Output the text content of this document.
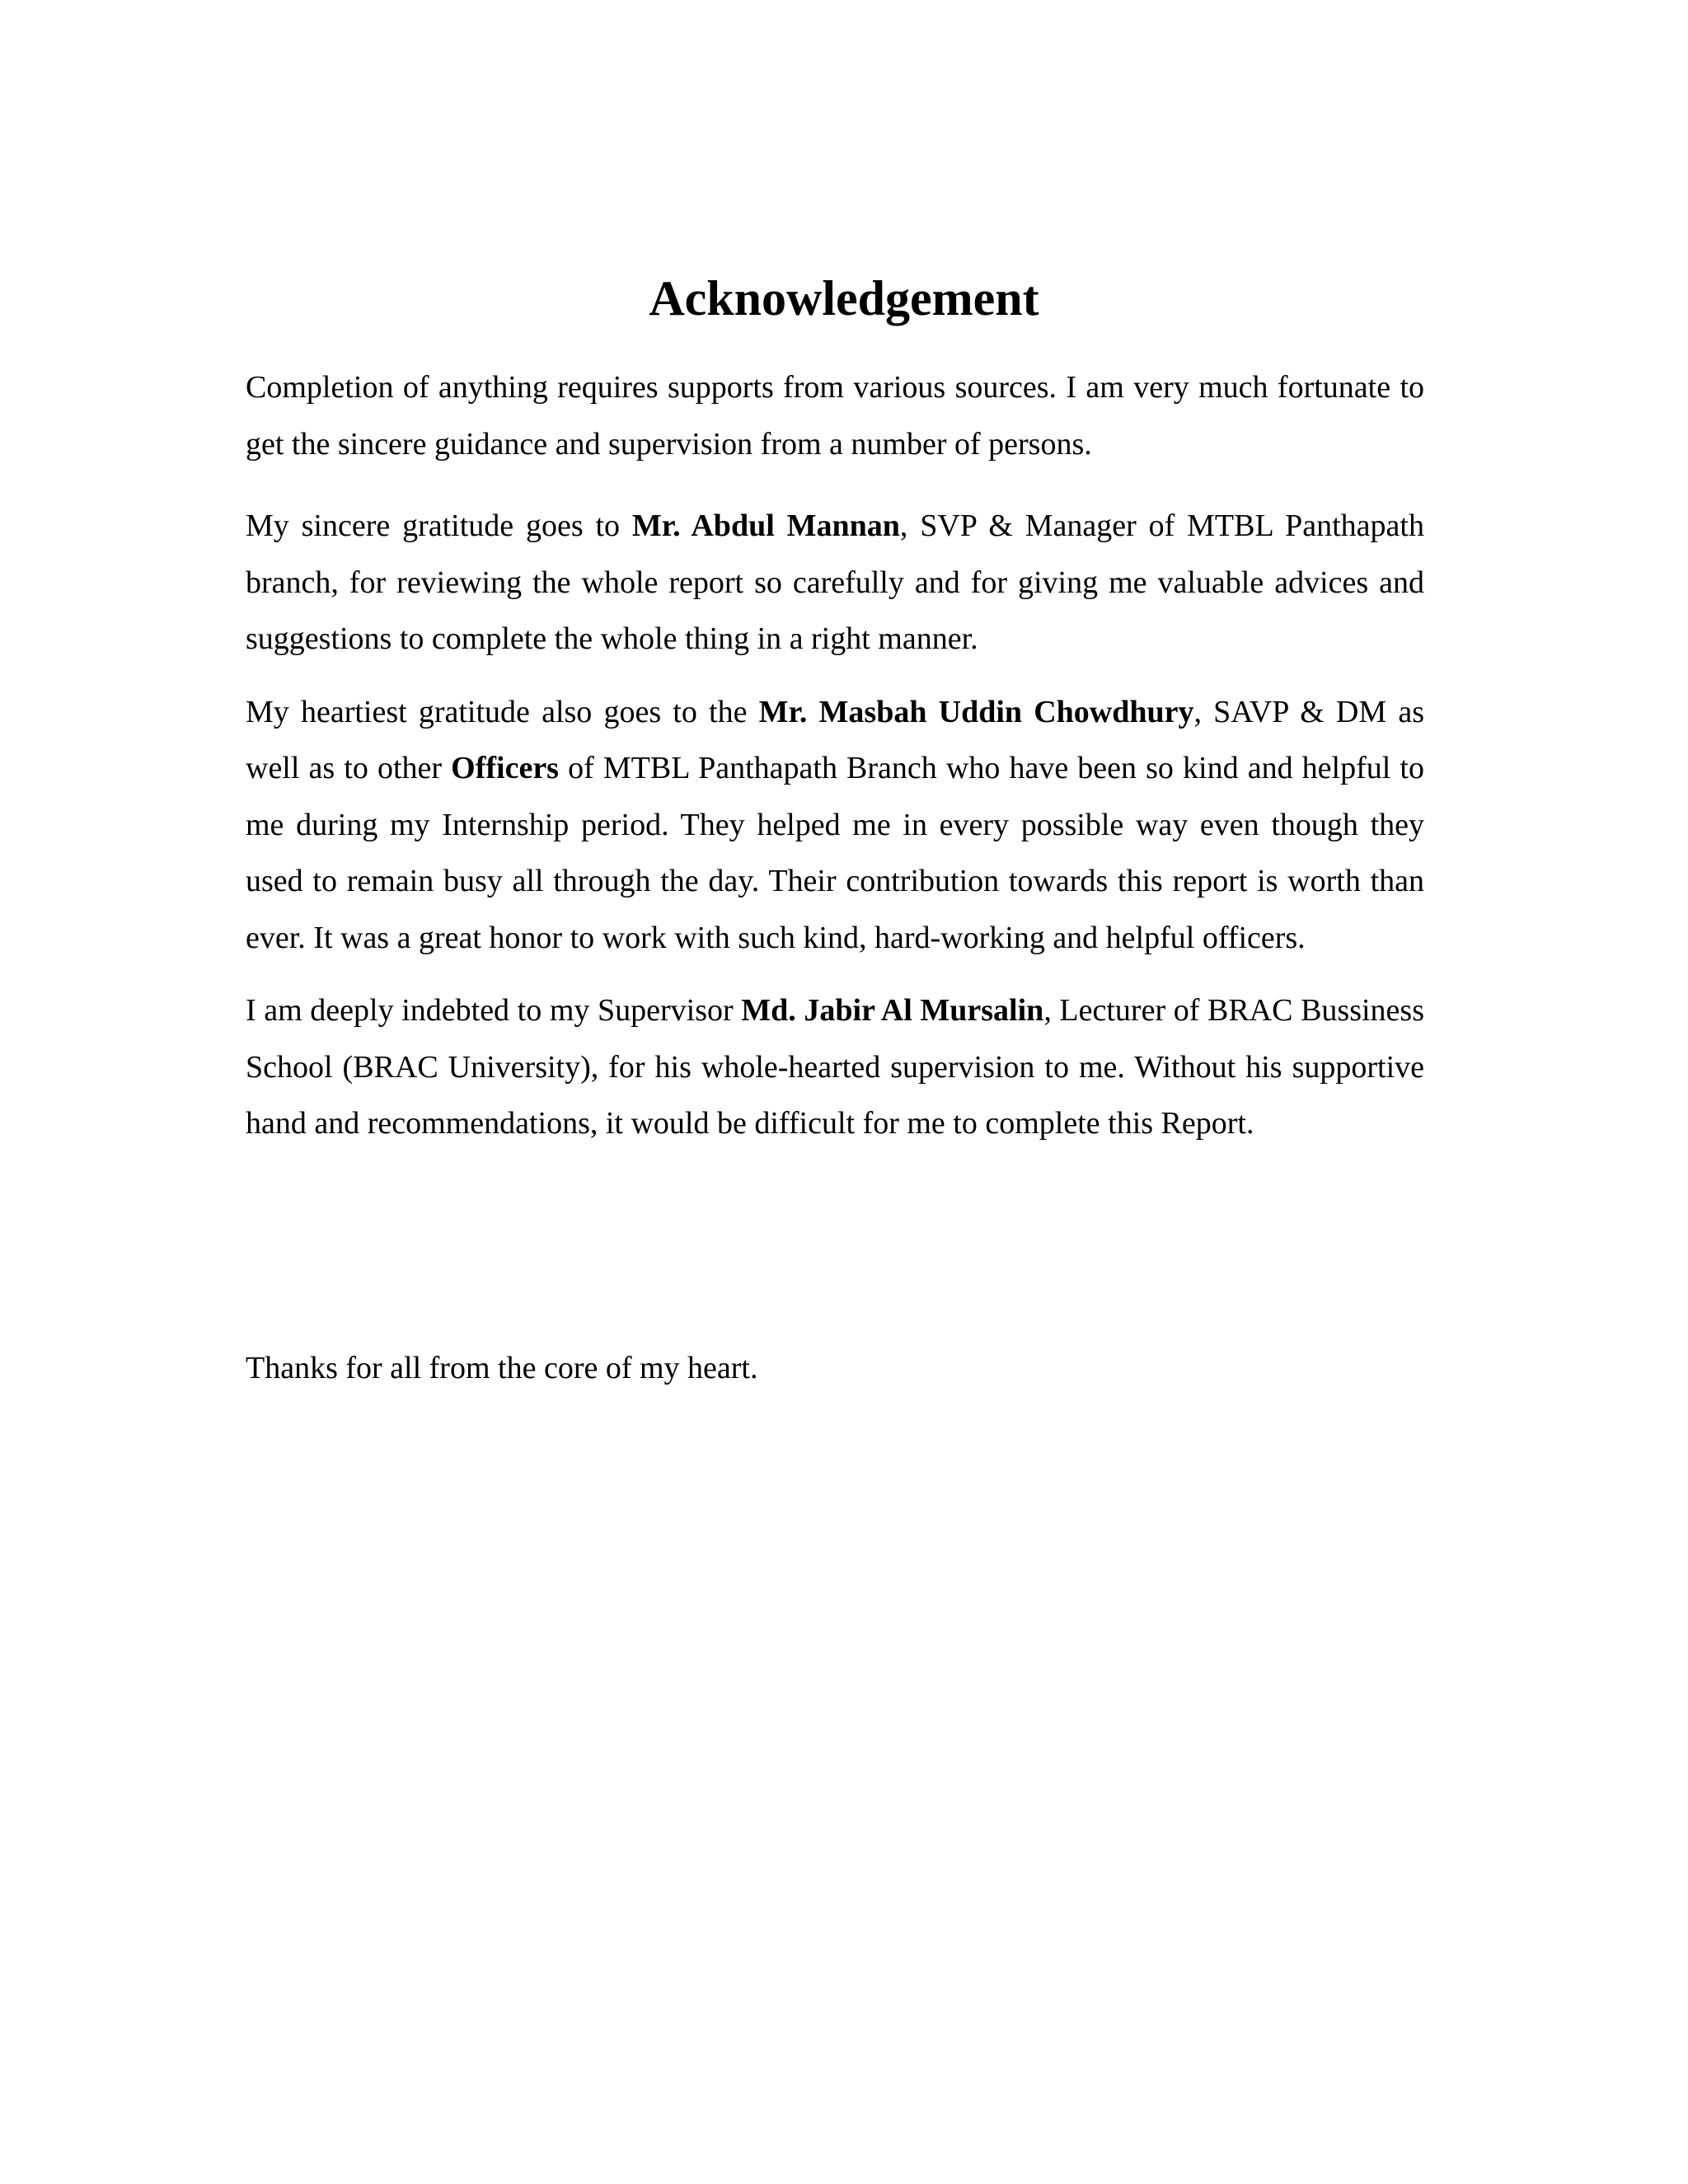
Acknowledgement

Completion of anything requires supports from various sources. I am very much fortunate to get the sincere guidance and supervision from a number of persons.

My sincere gratitude goes to Mr. Abdul Mannan, SVP & Manager of MTBL Panthapath branch, for reviewing the whole report so carefully and for giving me valuable advices and suggestions to complete the whole thing in a right manner.

My heartiest gratitude also goes to the Mr. Masbah Uddin Chowdhury, SAVP & DM as well as to other Officers of MTBL Panthapath Branch who have been so kind and helpful to me during my Internship period. They helped me in every possible way even though they used to remain busy all through the day. Their contribution towards this report is worth than ever. It was a great honor to work with such kind, hard-working and helpful officers.

I am deeply indebted to my Supervisor Md. Jabir Al Mursalin, Lecturer of BRAC Bussiness School (BRAC University), for his whole-hearted supervision to me. Without his supportive hand and recommendations, it would be difficult for me to complete this Report.

Thanks for all from the core of my heart.
